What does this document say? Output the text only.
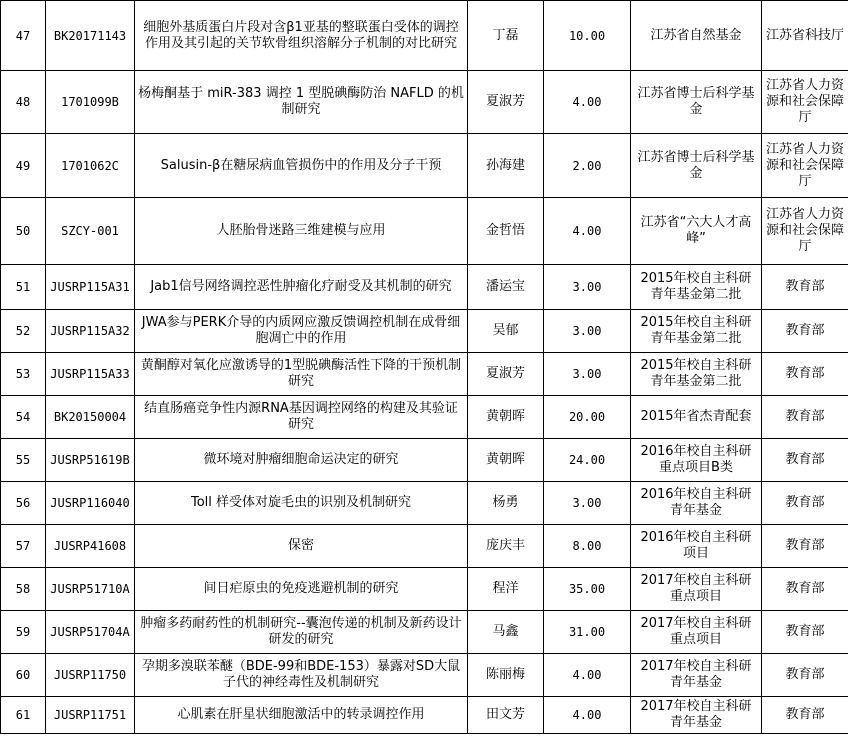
47	BK20171143	细胞外基质蛋白片段对含β1亚基的整联蛋白受体的调控作用及其引起的关节软骨组织溶解分子机制的对比研究	丁磊	10.00	江苏省自然基金	江苏省科技厅
48	1701099B	杨梅酮基于 miR-383 调控 1 型脱碘酶防治 NAFLD 的机制研究	夏淑芳	4.00	江苏省博士后科学基金	江苏省人力资源和社会保障厅
49	1701062C	Salusin-β在糖尿病血管损伤中的作用及分子干预	孙海建	2.00	江苏省博士后科学基金	江苏省人力资源和社会保障厅
50	SZCY-001	人胚胎骨迷路三维建模与应用	金哲悟	4.00	江苏省“六大人才高峰”	江苏省人力资源和社会保障厅
51	JUSRP115A31	Jab1信号网络调控恶性肿瘤化疗耐受及其机制的研究	潘运宝	3.00	2015年校自主科研青年基金第二批	教育部
52	JUSRP115A32	JWA参与PERK介导的内质网应激反馈调控机制在成骨细胞凋亡中的作用	吴郁	3.00	2015年校自主科研青年基金第二批	教育部
53	JUSRP115A33	黄酮醇对氧化应激诱导的1型脱碘酶活性下降的干预机制研究	夏淑芳	3.00	2015年校自主科研青年基金第二批	教育部
54	BK20150004	结直肠癌竞争性内源RNA基因调控网络的构建及其验证研究	黄朝晖	20.00	2015年省杰青配套	教育部
55	JUSRP51619B	微环境对肿瘤细胞命运决定的研究	黄朝晖	24.00	2016年校自主科研重点项目B类	教育部
56	JUSRP116040	Toll 样受体对旋毛虫的识别及机制研究	杨勇	3.00	2016年校自主科研青年基金	教育部
57	JUSRP41608	保密	庞庆丰	8.00	2016年校自主科研项目	教育部
58	JUSRP51710A	间日疟原虫的免疫逃避机制的研究	程洋	35.00	2017年校自主科研重点项目	教育部
59	JUSRP51704A	肿瘤多药耐药性的机制研究--囊泡传递的机制及新药设计研发的研究	马鑫	31.00	2017年校自主科研重点项目	教育部
60	JUSRP11750	孕期多溴联苯醚（BDE-99和BDE-153）暴露对SD大鼠子代的神经毒性及机制研究	陈丽梅	4.00	2017年校自主科研青年基金	教育部
61	JUSRP11751	心肌素在肝星状细胞激活中的转录调控作用	田文芳	4.00	2017年校自主科研青年基金	教育部
